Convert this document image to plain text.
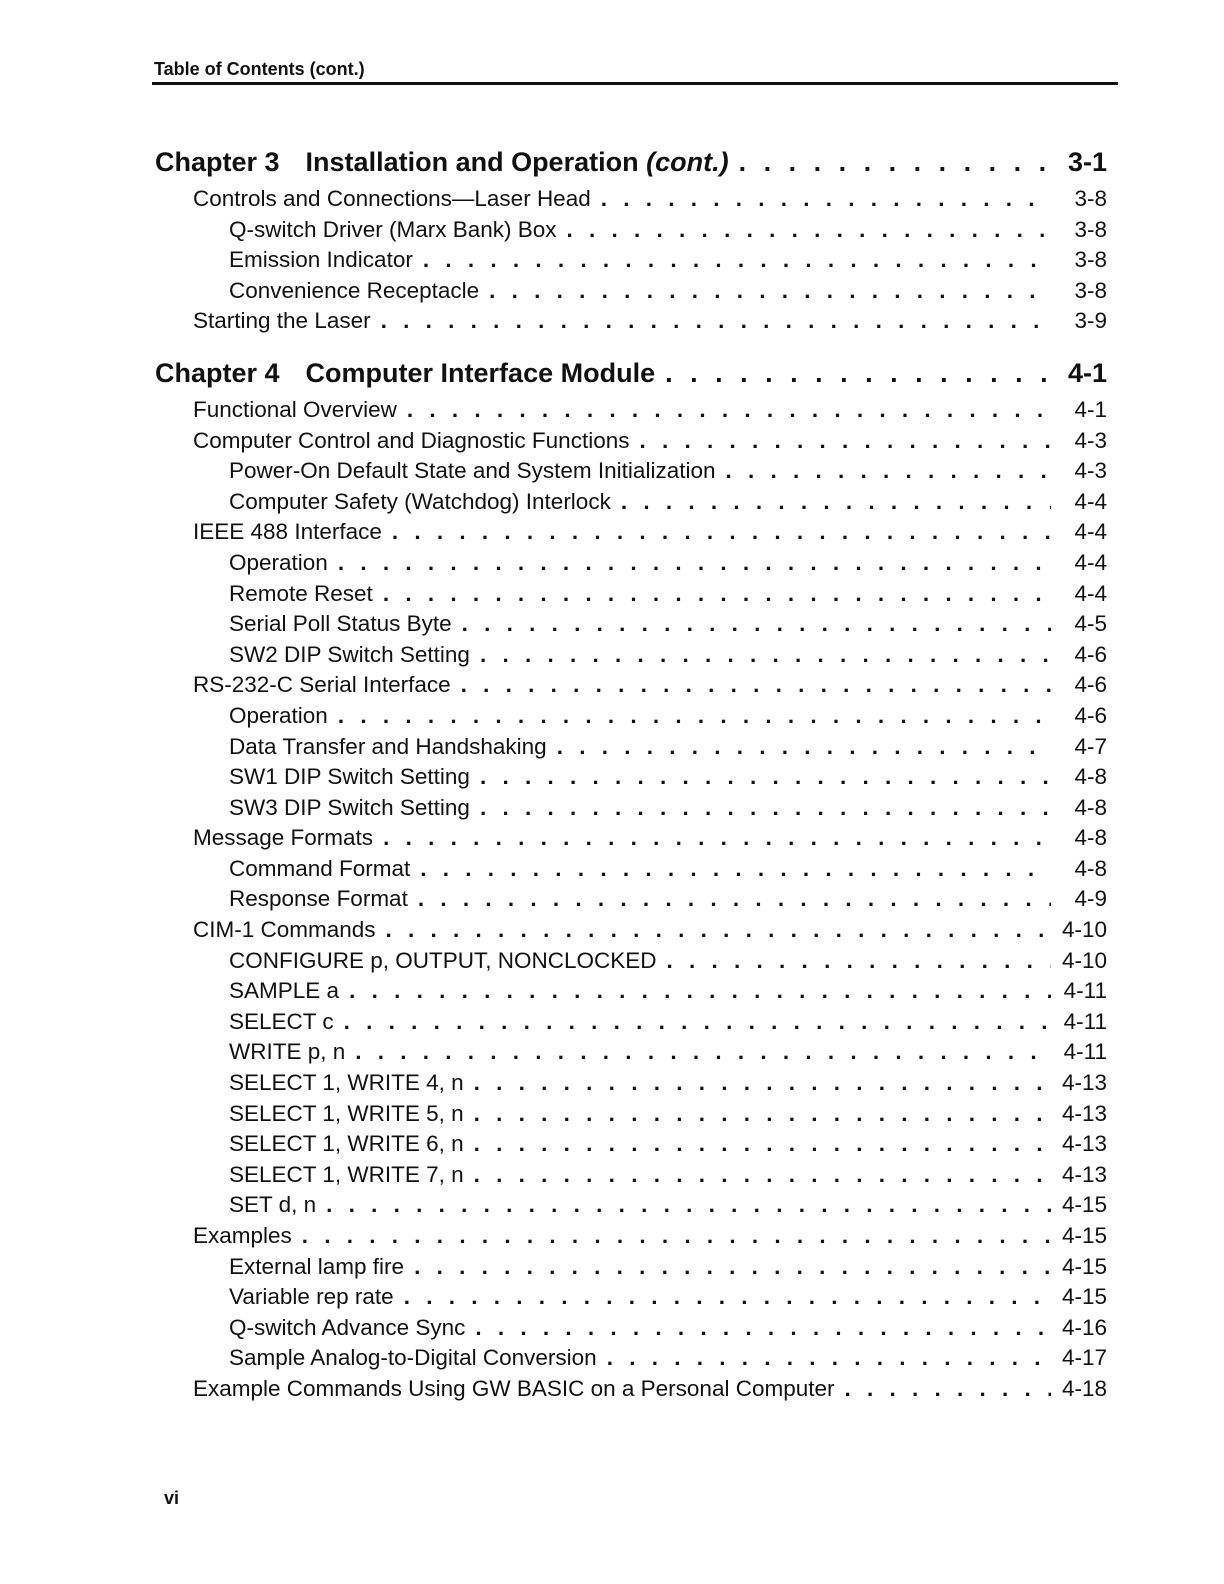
Table of Contents (cont.)
Chapter 3 Installation and Operation (cont.) . . .	3-1
Controls and Connections—Laser Head . . .	3-8
Q-switch Driver (Marx Bank) Box . . .	3-8
Emission Indicator . . .	3-8
Convenience Receptacle . . .	3-8
Starting the Laser . . .	3-9
Chapter 4 Computer Interface Module . . .	4-1
Functional Overview . . .	4-1
Computer Control and Diagnostic Functions . . .	4-3
Power-On Default State and System Initialization . . .	4-3
Computer Safety (Watchdog) Interlock . . .	4-4
IEEE 488 Interface . . .	4-4
Operation . . .	4-4
Remote Reset . . .	4-4
Serial Poll Status Byte . . .	4-5
SW2 DIP Switch Setting . . .	4-6
RS-232-C Serial Interface . . .	4-6
Operation . . .	4-6
Data Transfer and Handshaking . . .	4-7
SW1 DIP Switch Setting . . .	4-8
SW3 DIP Switch Setting . . .	4-8
Message Formats . . .	4-8
Command Format . . .	4-8
Response Format . . .	4-9
CIM-1 Commands . . .	4-10
CONFIGURE p, OUTPUT, NONCLOCKED . . .	4-10
SAMPLE a . . .	4-11
SELECT c . . .	4-11
WRITE p, n . . .	4-11
SELECT 1, WRITE 4, n . . .	4-13
SELECT 1, WRITE 5, n . . .	4-13
SELECT 1, WRITE 6, n . . .	4-13
SELECT 1, WRITE 7, n . . .	4-13
SET d, n . . .	4-15
Examples . . .	4-15
External lamp fire . . .	4-15
Variable rep rate . . .	4-15
Q-switch Advance Sync . . .	4-16
Sample Analog-to-Digital Conversion . . .	4-17
Example Commands Using GW BASIC on a Personal Computer . . .	4-18
vi
